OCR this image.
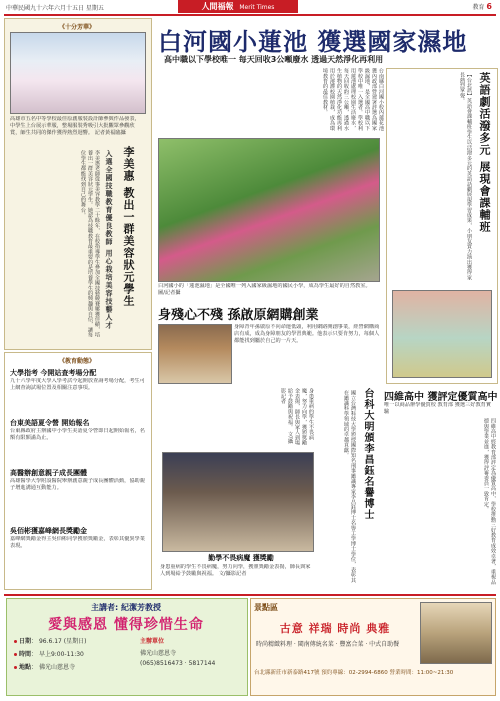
中華民國九十六年六月十五日 星期五	人間福報 Merit Times	教育 6
《十分芳華》
高雄市五名中等學校最佳原創服裝設計師參與作品發表，中學生上台展示華服，整場服裝秀吸引大批觀眾參觀欣賞，師生共同的傑作獲得熱烈迴響。 記者黃福臨攝
李美惠 教出一群美容狀元學生
入選全國技職教育優良教師 用心栽培美容技藝人才
李美惠老師從事美容教學二十餘年，在校指導學生參加全國技藝競賽屢獲佳績，培養出一群美容狀元學生。她認為技職教育最重要的是培養學生的興趣與自信，讓每位學生都能找到自己的舞台。
《教育動態》
大學指考 今開站查考場分配
九十六學年度大學入學考試今起開放查詢考場分配，考生可上網查詢試場位置及相關注意事項。
台東美語夏令營 開始報名
台東縣政府主辦國中小學生美語夏令營即日起開始報名，名額有限額滿為止。
高醫辦創意親子成長團體
高雄醫學大學附設醫院舉辦創意親子成長團體活動，協助親子增進溝通互動能力。
吳佰彬獲嘉峰網長獎勵金
嘉峰網獎勵金得主吳佰彬同學獲頒獎勵金，表彰其優異學業表現。
白河國小蓮池 獲選國家濕地
高中職以下學校唯一 每天回收3公噸廢水 透過天然淨化再利用
台南縣白河國小校內蓮花池獲內政部營建署評選為國家級濕地，是全國高中職以下學校中唯一入選者。學校利用蓮池處理校園生活廢水，每天回收約三公噸，透過水生植物的天然淨化功能再利用於澆灌校園植栽，成為環境教育的最佳教材。
白河國小的「蓮池濕地」是全國唯一列入國家級濕地的國民小學，成為學生最好的自然教室。 圖/記者攝
英語劇活潑多元 展現會課輔班
【台北訊】英語會課輔班學生以活潑多元的英語話劇展現學習成果，小朋友賣力演出獲得家長熱烈掌聲。
身殘心不殘 孫啟原網購創業
身障青年孫啟原不向命運低頭，利用網路開創事業，經營網購商店有成，成為身障朋友的學習典範。他表示只要肯努力，每個人都能找到屬於自己的一片天。
台科大明頒李昌鈺名譽博士
國立台灣科技大學頒授國際知名刑事鑑識專家李昌鈺博士名譽工學博士學位，表彰其在鑑識科學領域的卓越貢獻。
身患重病的學生不畏病魔，努力向學，獲頒獎勵金表揚，師長與家人到場給予鼓勵與祝福。 文/攝影記者
勤學不畏病魔 獲獎勵
身患重病的學生不畏病魔，努力向學，獲頒獎勵金表揚，師長與家人到場給予鼓勵與祝福。 文/攝影記者
四維高中 獲評定優質高中
唯一以商品辦學優質校 教育部 獲選三好教育實驗
四維高中經教育部評定為優質高中，學校推動三好教育成效卓著，重視品德與學業並進，獲得評審委員一致肯定。
主講者: 紀潔芳教授
愛與感恩 懂得珍惜生命
日期： 96.6.17 (星期日)
時間： 早上9:00-11:30
地點： 佛光山慈恩寺
主辦單位
佛光山慈恩寺
(065)8516473 · 5817144
景點區
古意 祥瑞 時尚 典雅
時尚精緻料理 · 閩南傳統名菜 · 豐富合菜 · 中式自助餐
台北縣新莊市新泰路417號 預約專線：02-2994-6860 營業時間：11:00~21:30
